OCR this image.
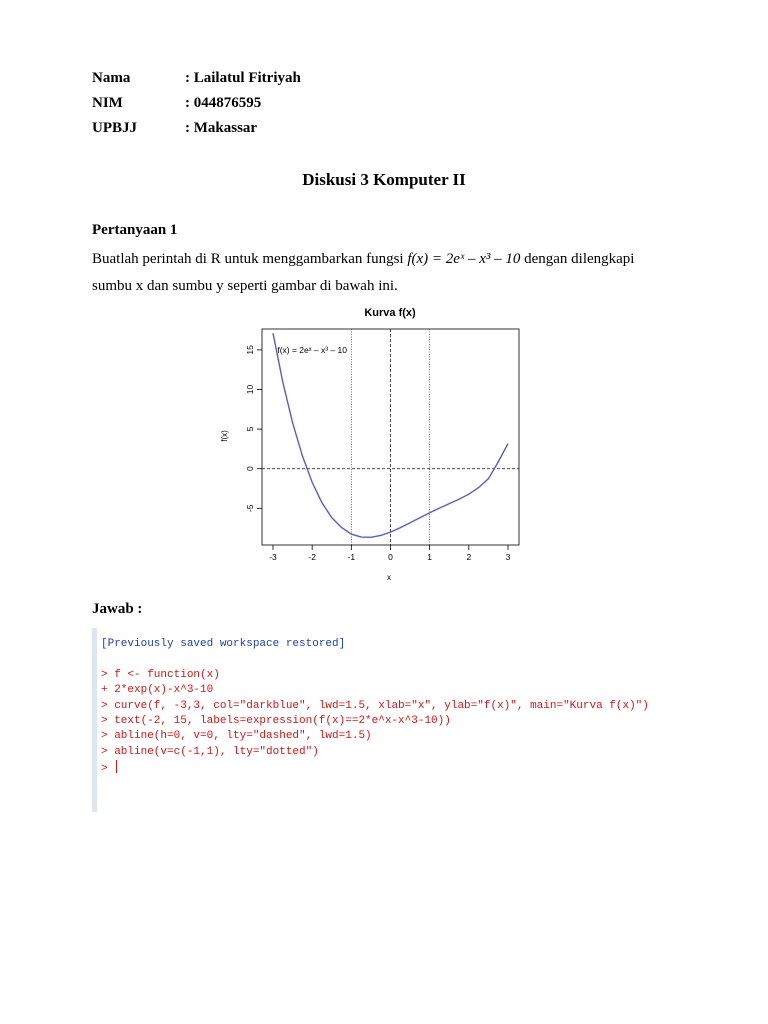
Nama	: Lailatul Fitriyah
NIM	: 044876595
UPBJJ	: Makassar
Diskusi 3 Komputer II
Pertanyaan 1
Buatlah perintah di R untuk menggambarkan fungsi f(x) = 2eˣ – x³ – 10 dengan dilengkapi
sumbu x dan sumbu y seperti gambar di bawah ini.
Kurva f(x)
-3	-2	-1	0	1	2	3
-5
0
5
10
15
x
f(x)
f(x) = 2eˣ – x³ – 10
Jawab :
[Previously saved workspace restored]
> f <- function(x)
+ 2*exp(x)-x^3-10
> curve(f, -3,3, col="darkblue", lwd=1.5, xlab="x", ylab="f(x)", main="Kurva f(x)")
> text(-2, 15, labels=expression(f(x)==2*e^x-x^3-10))
> abline(h=0, v=0, lty="dashed", lwd=1.5)
> abline(v=c(-1,1), lty="dotted")
>
